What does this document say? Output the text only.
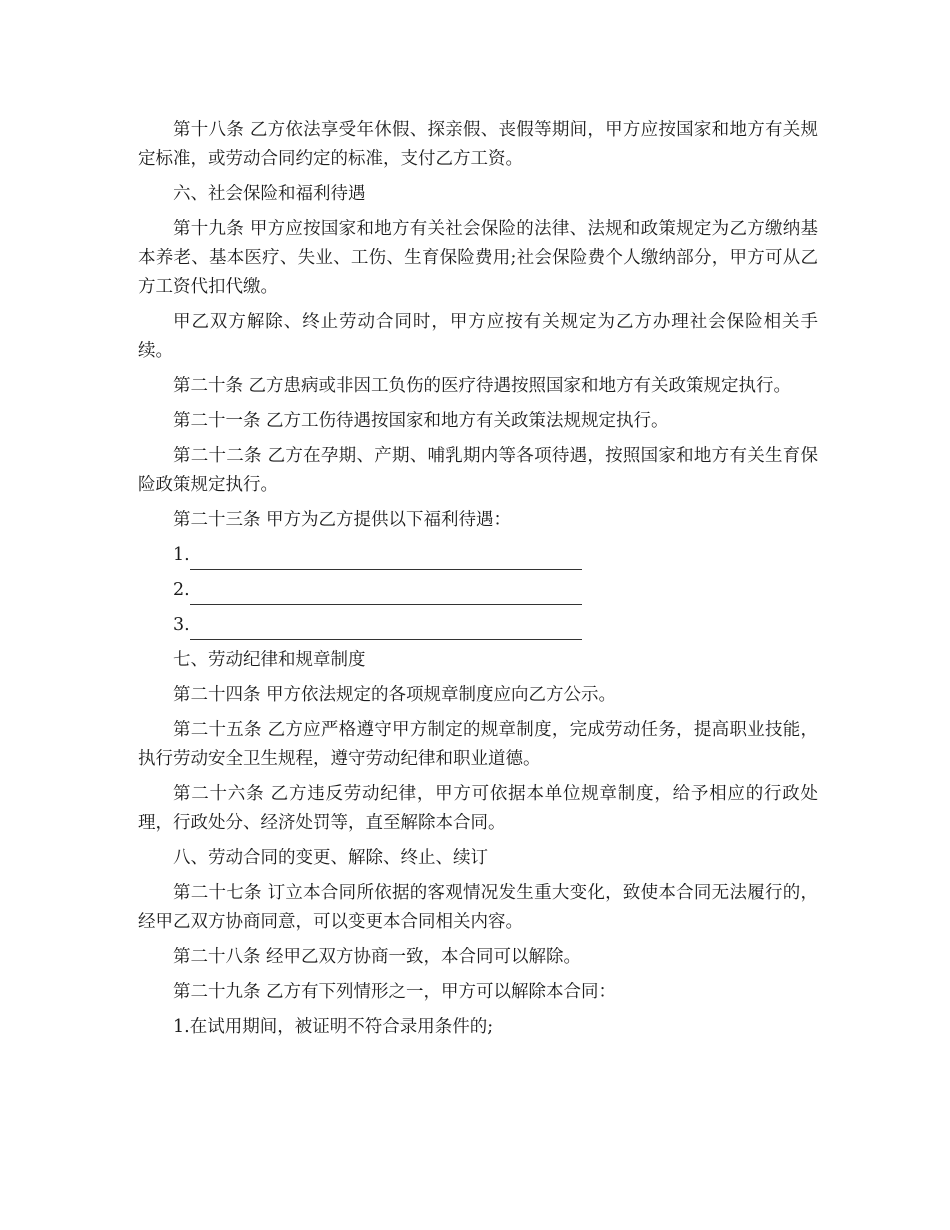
第十八条 乙方依法享受年休假、探亲假、丧假等期间，甲方应按国家和地方有关规定标准，或劳动合同约定的标准，支付乙方工资。

六、社会保险和福利待遇

第十九条 甲方应按国家和地方有关社会保险的法律、法规和政策规定为乙方缴纳基本养老、基本医疗、失业、工伤、生育保险费用;社会保险费个人缴纳部分，甲方可从乙方工资代扣代缴。

甲乙双方解除、终止劳动合同时，甲方应按有关规定为乙方办理社会保险相关手续。

第二十条 乙方患病或非因工负伤的医疗待遇按照国家和地方有关政策规定执行。

第二十一条 乙方工伤待遇按国家和地方有关政策法规规定执行。

第二十二条 乙方在孕期、产期、哺乳期内等各项待遇，按照国家和地方有关生育保险政策规定执行。

第二十三条 甲方为乙方提供以下福利待遇：

1.

2.

3.

七、劳动纪律和规章制度

第二十四条 甲方依法规定的各项规章制度应向乙方公示。

第二十五条 乙方应严格遵守甲方制定的规章制度，完成劳动任务，提高职业技能，执行劳动安全卫生规程，遵守劳动纪律和职业道德。

第二十六条 乙方违反劳动纪律，甲方可依据本单位规章制度，给予相应的行政处理，行政处分、经济处罚等，直至解除本合同。

八、劳动合同的变更、解除、终止、续订

第二十七条 订立本合同所依据的客观情况发生重大变化，致使本合同无法履行的，经甲乙双方协商同意，可以变更本合同相关内容。

第二十八条 经甲乙双方协商一致，本合同可以解除。

第二十九条 乙方有下列情形之一，甲方可以解除本合同：

1.在试用期间，被证明不符合录用条件的;
